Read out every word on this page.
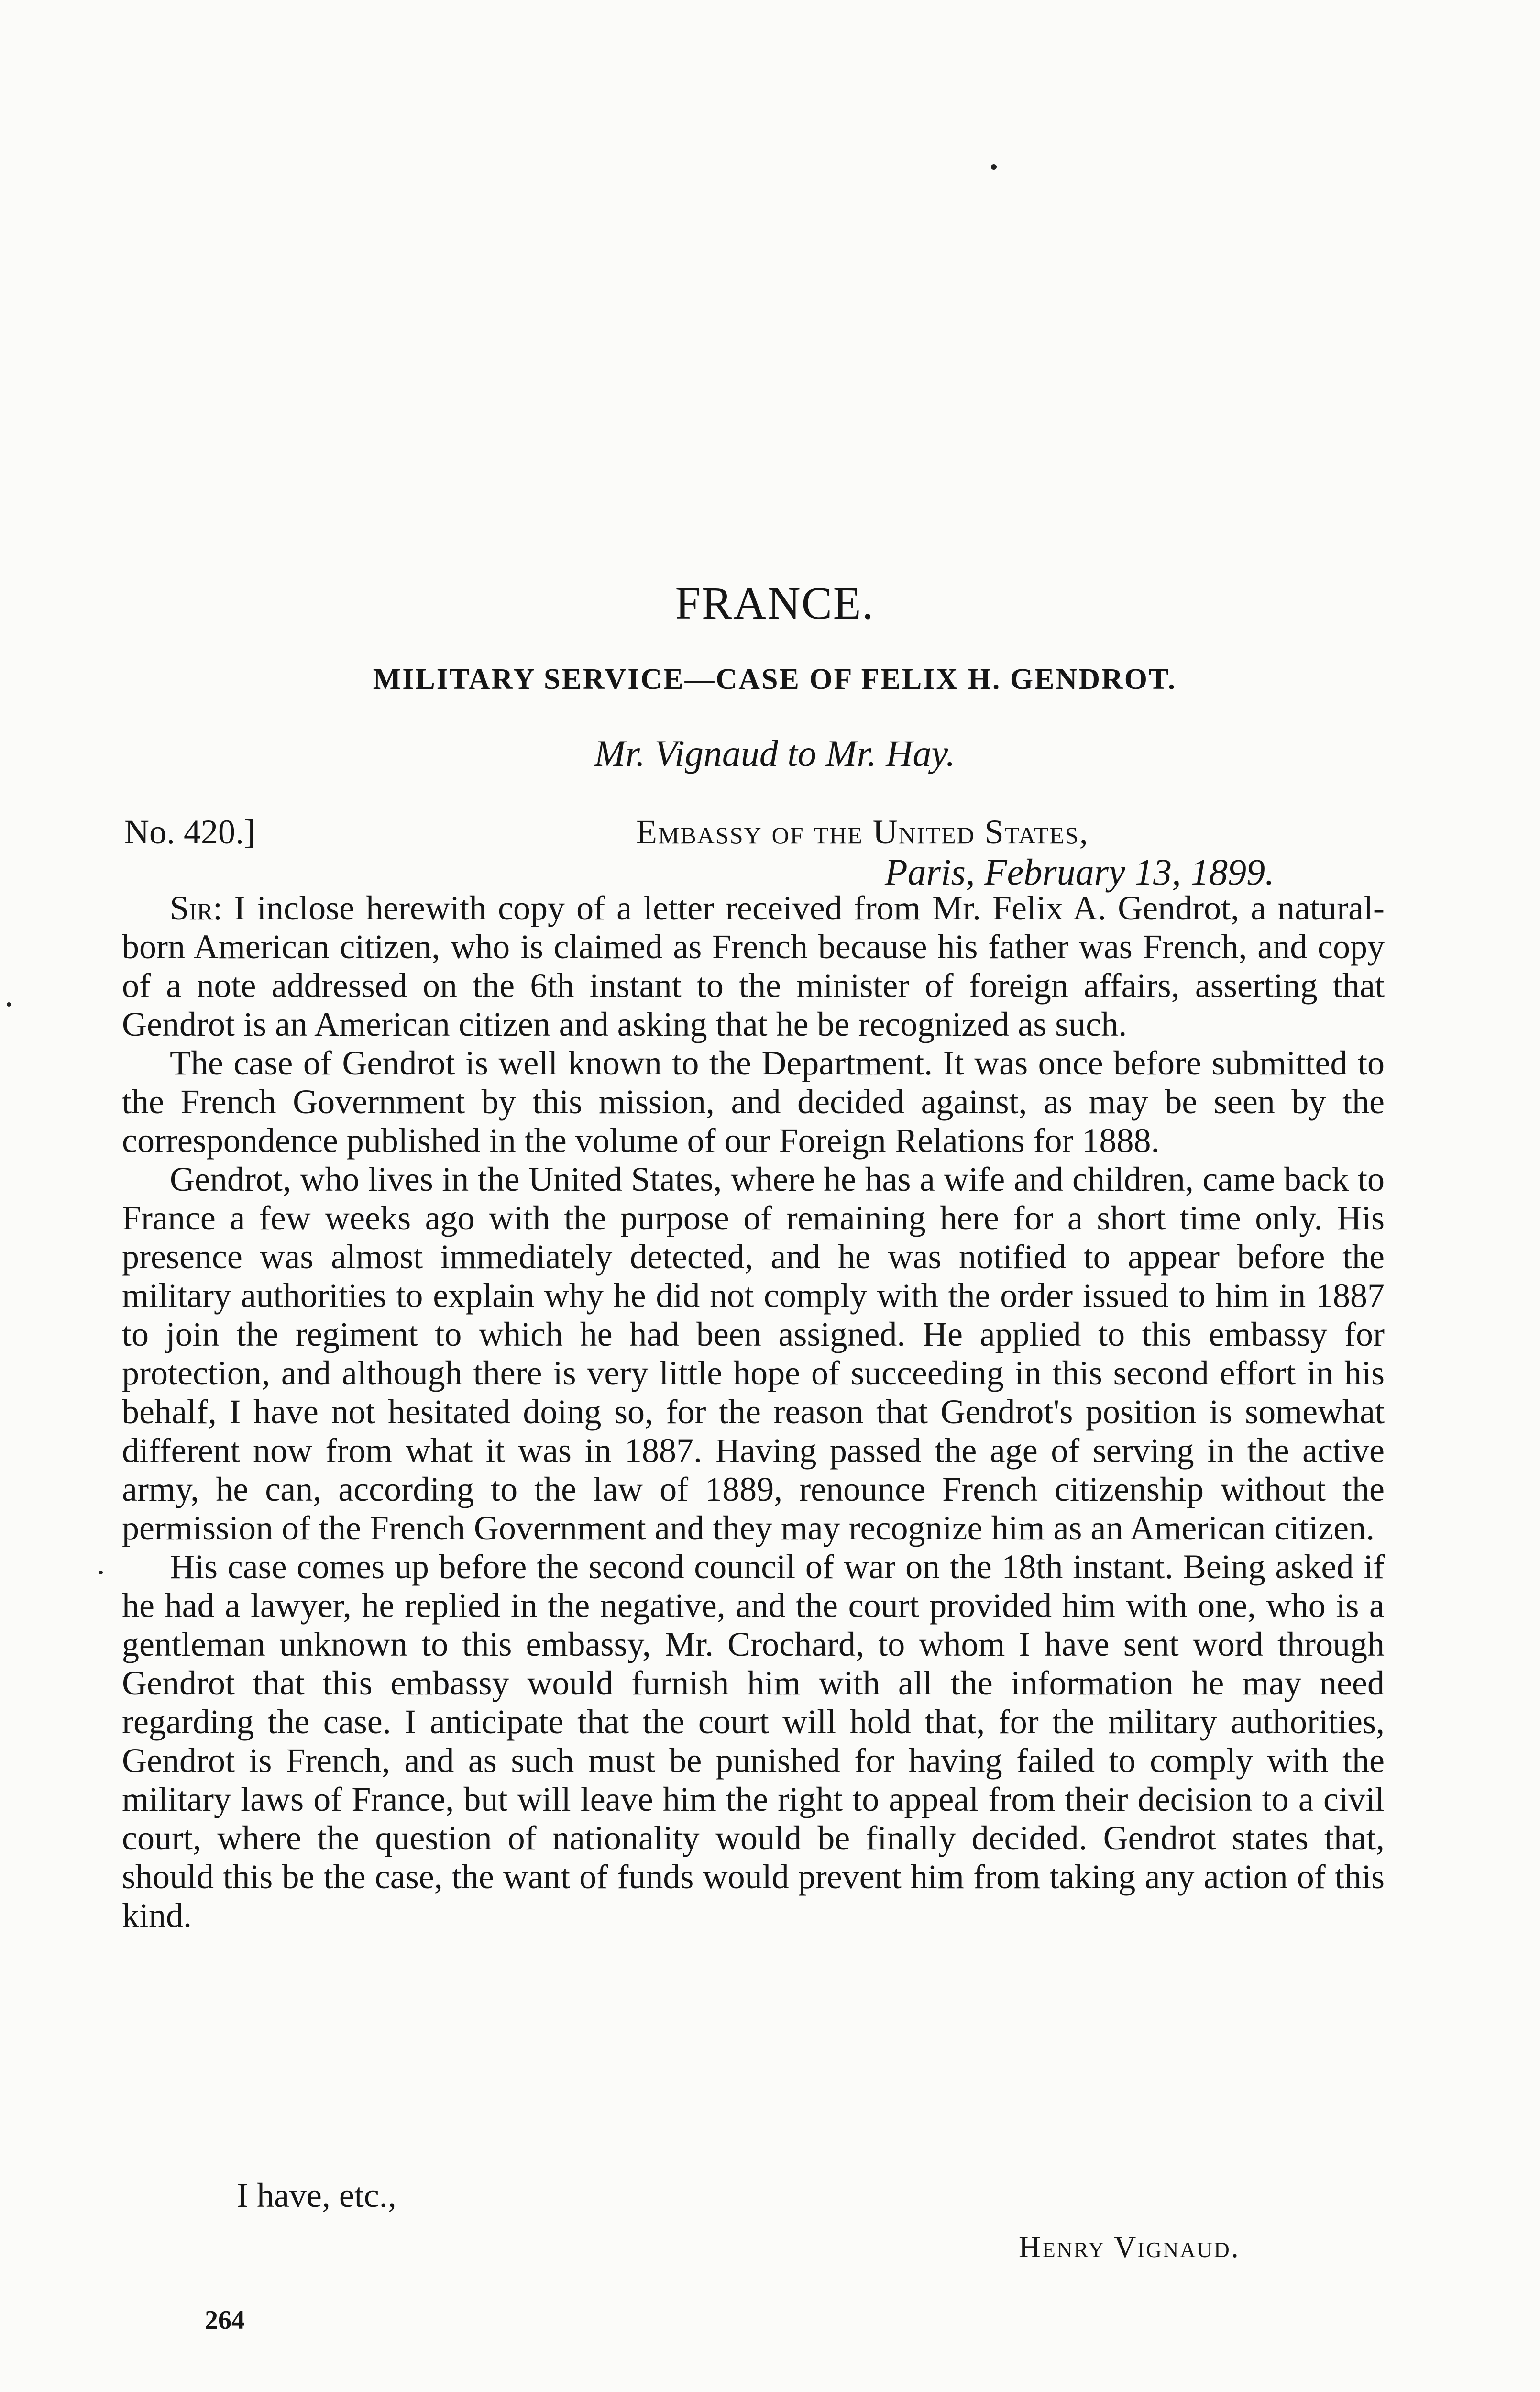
FRANCE.
MILITARY SERVICE—CASE OF FELIX H. GENDROT.
Mr. Vignaud to Mr. Hay.
No. 420.]	Embassy of the United States,
Paris, February 13, 1899.

Sir: I inclose herewith copy of a letter received from Mr. Felix A. Gendrot, a natural-born American citizen, who is claimed as French because his father was French, and copy of a note addressed on the 6th instant to the minister of foreign affairs, asserting that Gendrot is an American citizen and asking that he be recognized as such.

The case of Gendrot is well known to the Department. It was once before submitted to the French Government by this mission, and decided against, as may be seen by the correspondence published in the volume of our Foreign Relations for 1888.

Gendrot, who lives in the United States, where he has a wife and children, came back to France a few weeks ago with the purpose of remaining here for a short time only. His presence was almost immediately detected, and he was notified to appear before the military authorities to explain why he did not comply with the order issued to him in 1887 to join the regiment to which he had been assigned. He applied to this embassy for protection, and although there is very little hope of succeeding in this second effort in his behalf, I have not hesitated doing so, for the reason that Gendrot's position is somewhat different now from what it was in 1887. Having passed the age of serving in the active army, he can, according to the law of 1889, renounce French citizenship without the permission of the French Government and they may recognize him as an American citizen.

His case comes up before the second council of war on the 18th instant. Being asked if he had a lawyer, he replied in the negative, and the court provided him with one, who is a gentleman unknown to this embassy, Mr. Crochard, to whom I have sent word through Gendrot that this embassy would furnish him with all the information he may need regarding the case. I anticipate that the court will hold that, for the military authorities, Gendrot is French, and as such must be punished for having failed to comply with the military laws of France, but will leave him the right to appeal from their decision to a civil court, where the question of nationality would be finally decided. Gendrot states that, should this be the case, the want of funds would prevent him from taking any action of this kind.

I have, etc.,
Henry Vignaud.
264
